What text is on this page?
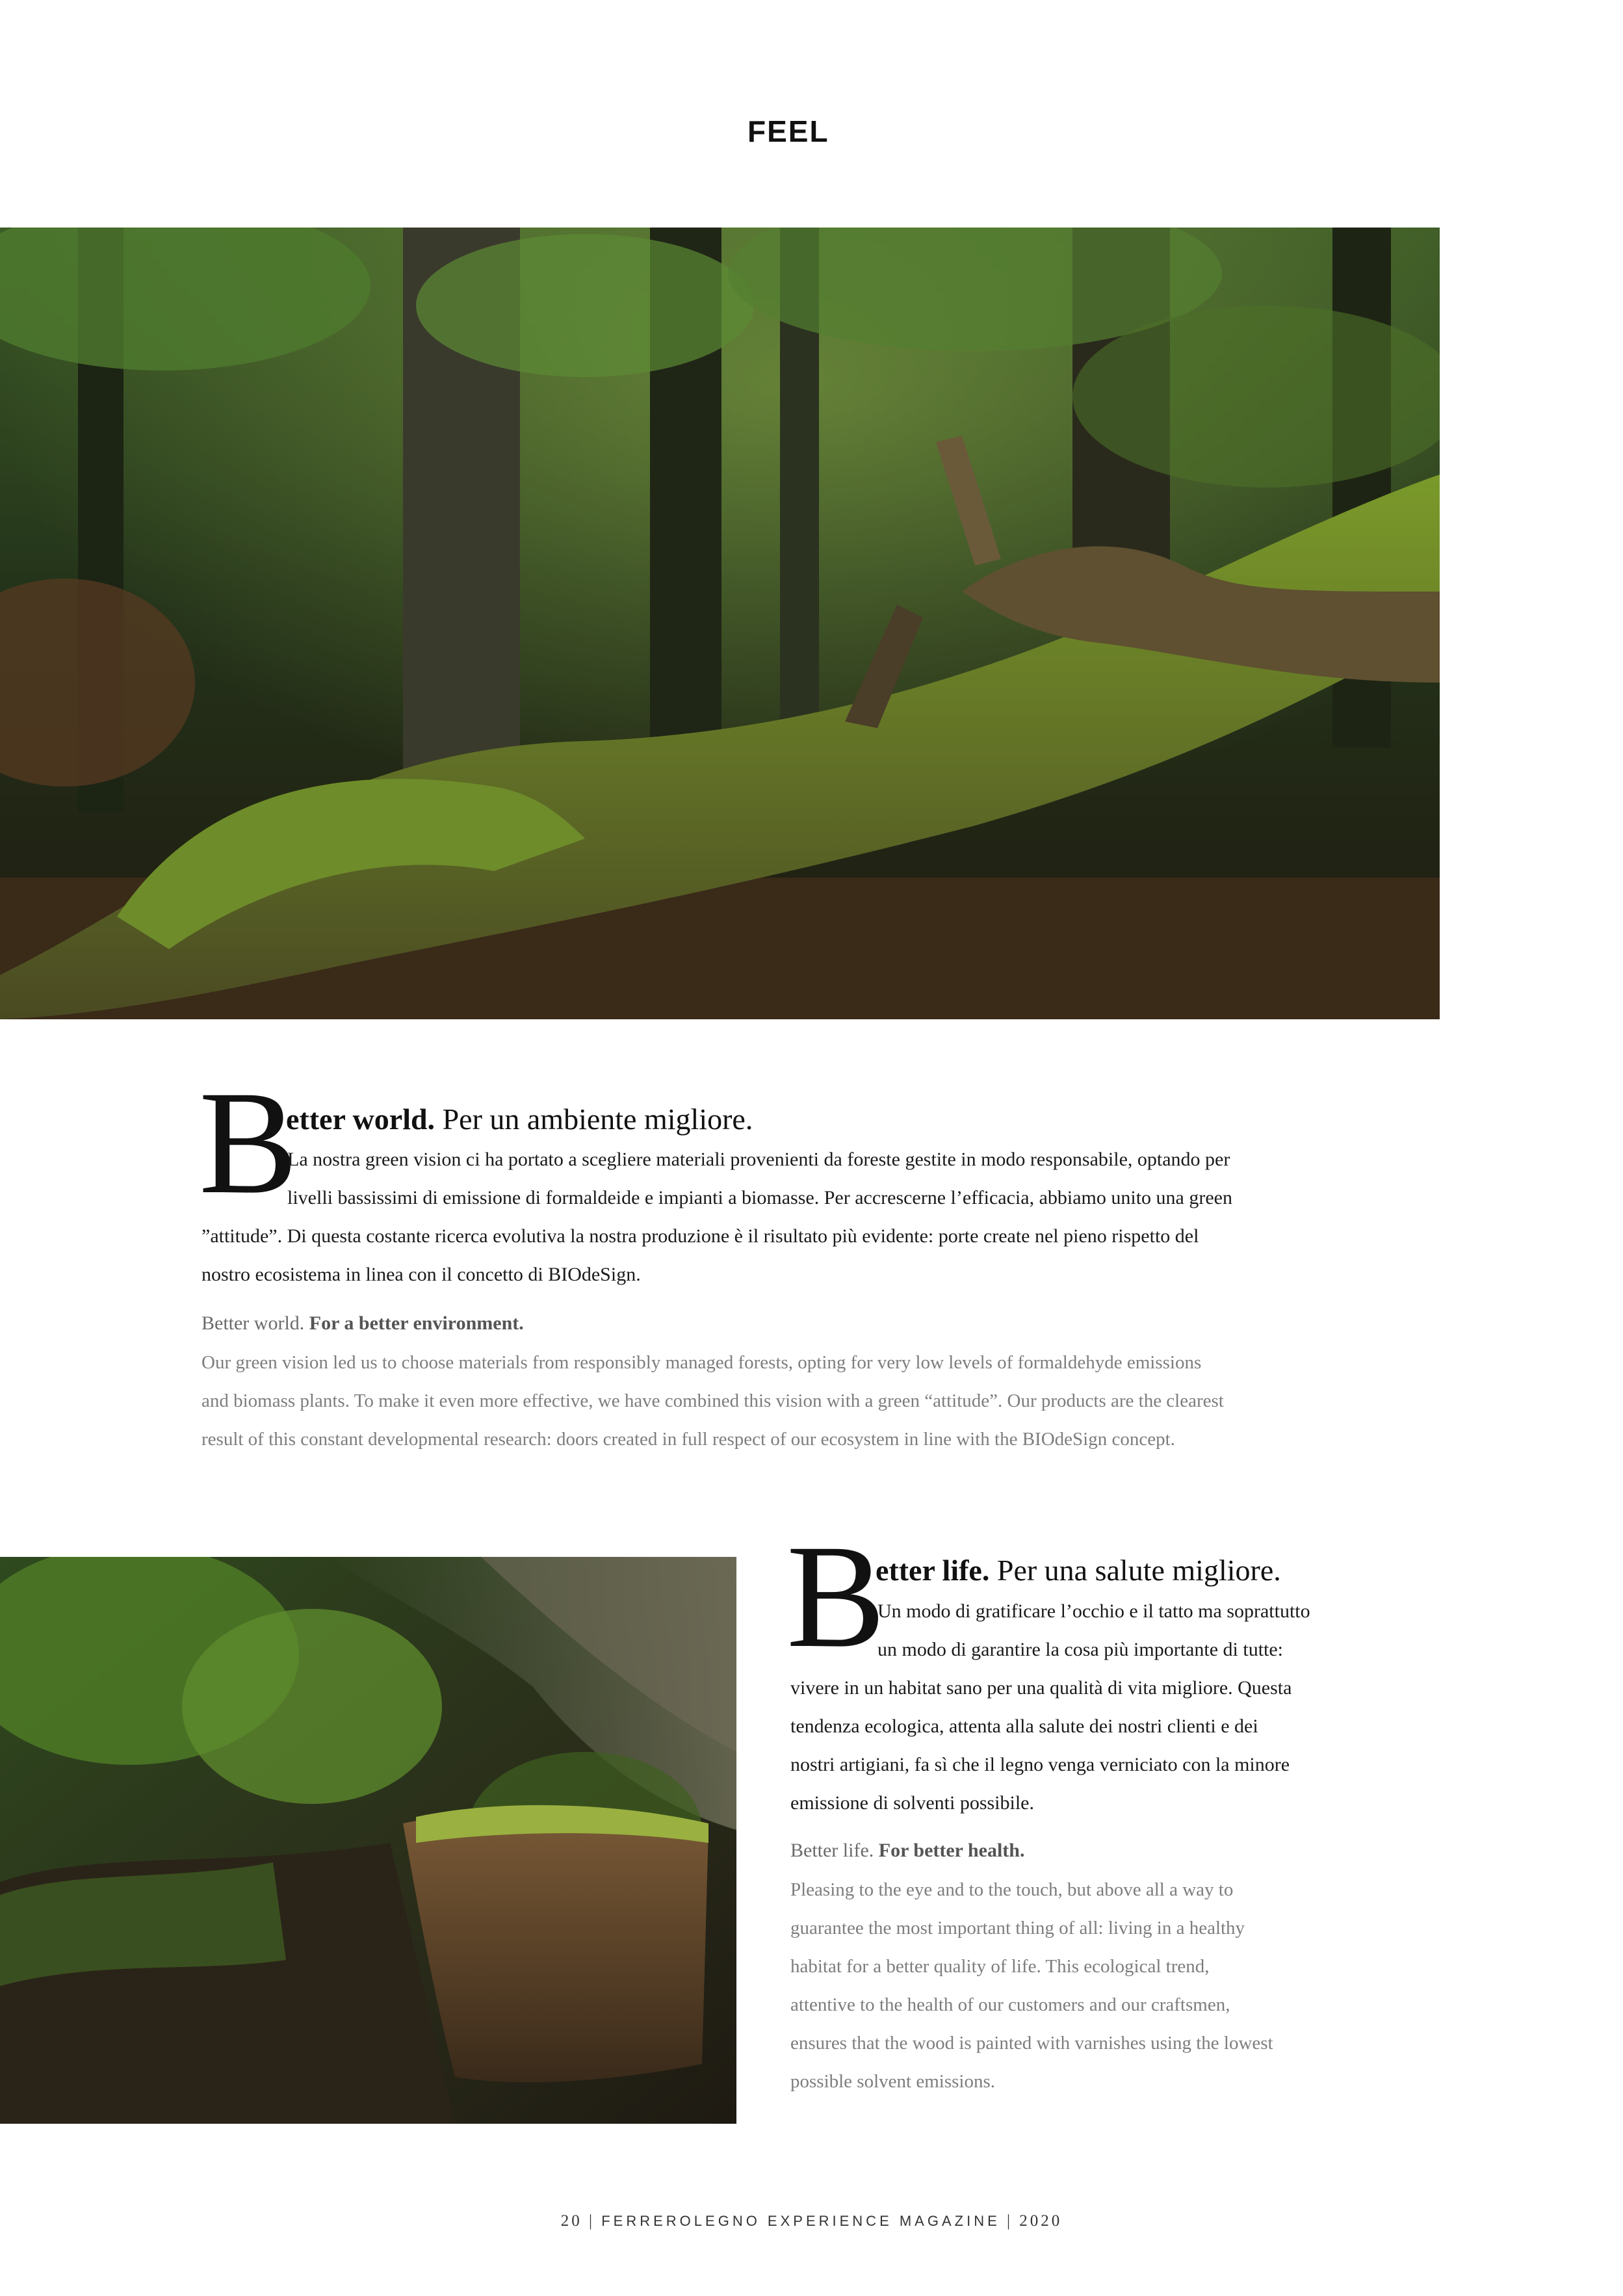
FEEL
B
etter world. Per un ambiente migliore.
La nostra green vision ci ha portato a scegliere materiali provenienti da foreste gestite in modo responsabile, optando per
livelli bassissimi di emissione di formaldeide e impianti a biomasse. Per accrescerne l’efficacia, abbiamo unito una green
”attitude”. Di questa costante ricerca evolutiva la nostra produzione è il risultato più evidente: porte create nel pieno rispetto del
nostro ecosistema in linea con il concetto di BIOdeSign.
Better world. For a better environment.
Our green vision led us to choose materials from responsibly managed forests, opting for very low levels of formaldehyde emissions
and biomass plants. To make it even more effective, we have combined this vision with a green “attitude”. Our products are the clearest
result of this constant developmental research: doors created in full respect of our ecosystem in line with the BIOdeSign concept.
B
etter life. Per una salute migliore.
Un modo di gratificare l’occhio e il tatto ma soprattutto
un modo di garantire la cosa più importante di tutte:
vivere in un habitat sano per una qualità di vita migliore. Questa
tendenza ecologica, attenta alla salute dei nostri clienti e dei
nostri artigiani, fa sì che il legno venga verniciato con la minore
emissione di solventi possibile.
Better life. For better health.
Pleasing to the eye and to the touch, but above all a way to
guarantee the most important thing of all: living in a healthy
habitat for a better quality of life. This ecological trend,
attentive to the health of our customers and our craftsmen,
ensures that the wood is painted with varnishes using the lowest
possible solvent emissions.
20 | FERREROLEGNO EXPERIENCE MAGAZINE | 2020
